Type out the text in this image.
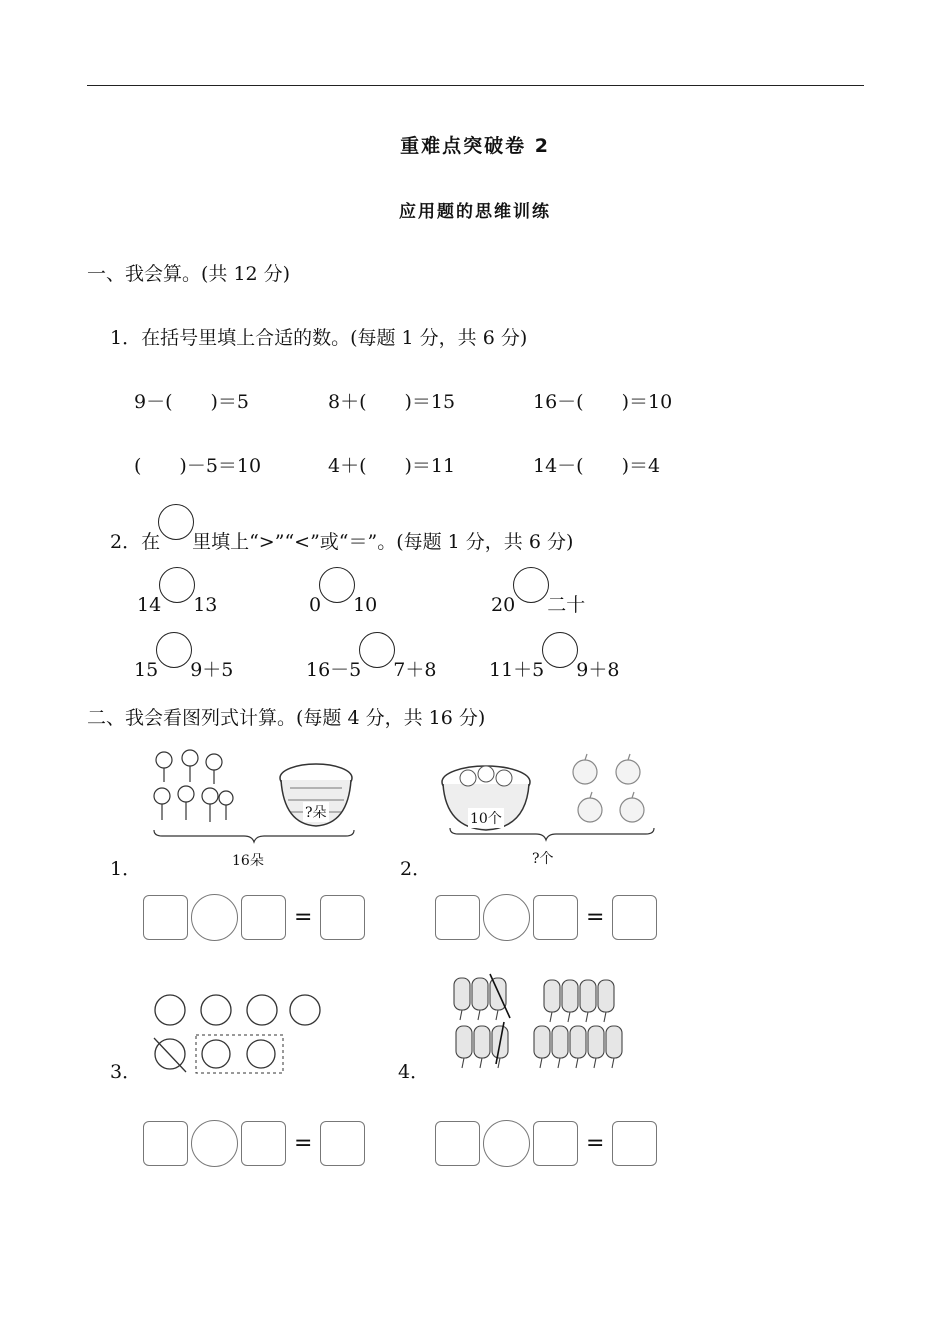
重难点突破卷 2
应用题的思维训练
一、我会算。(共 12 分)
1．在括号里填上合适的数。(每题 1 分，共 6 分)
9－(　　)＝5	8＋(　　)＝15	16－(　　)＝10
(　　)－5＝10	4＋(　　)＝11	14－(　　)＝4
2．在 里填上“>”“<”或“＝”。(每题 1 分，共 6 分)
14 13	0 10	20 二十
15 9＋5	16－5 7＋8	11＋5 9＋8
二、我会看图列式计算。(每题 4 分，共 16 分)
?朵
16朵
1．
10个
?个
2．
=	=
3．	4．
=	=
